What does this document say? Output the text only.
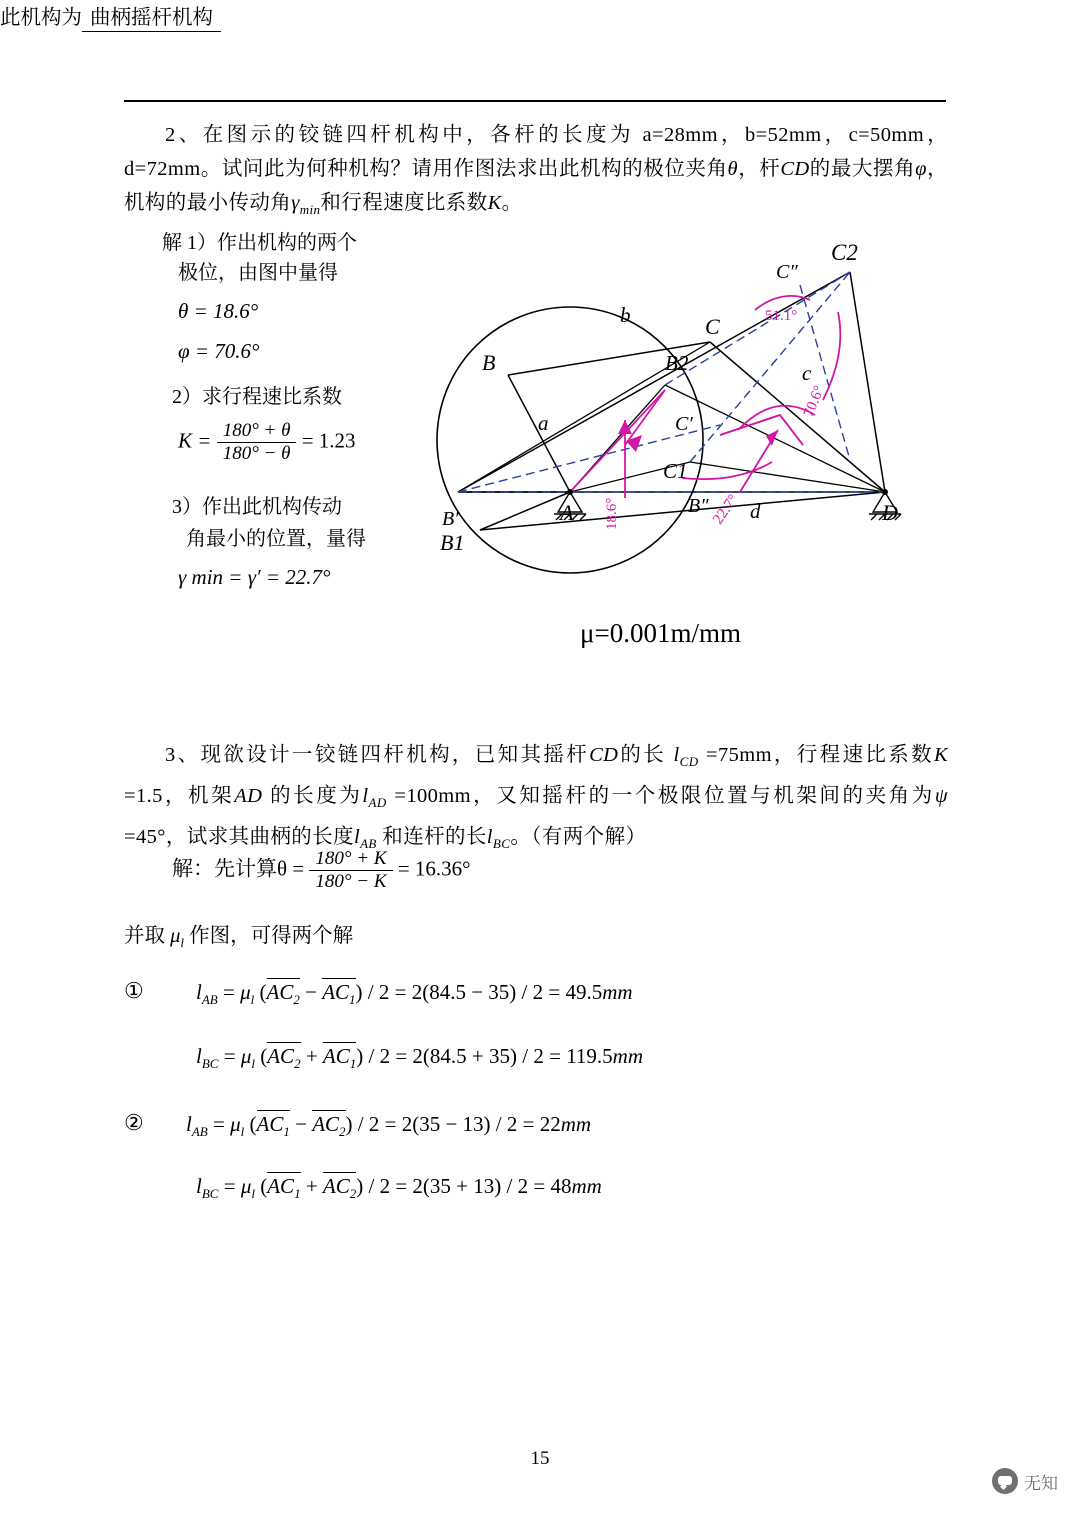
2、在图示的铰链四杆机构中，各杆的长度为 a=28mm，b=52mm，c=50mm，d=72mm。试问此为何种机构？请用作图法求出此机构的极位夹角θ，杆CD的最大摆角φ，机构的最小传动角$\gamma_{min}$和行程速度比系数K。
解 1）作出机构的两个
极位，由图中量得
θ = 18.6°
φ = 70.6°
2）求行程速比系数
$K = \frac{180^\circ + \theta}{180^\circ - \theta} = 1.23$
3）作出此机构传动
角最小的位置，量得
γ min = γ′ = 22.7°
此机构为 曲柄摇杆机构
B
B′
B1
B2
B″
A
C
C1
C2
C′
C″
D
a
b
c
d
18.6°	22.7°
70.6°
51.1°
μ=0.001m/mm
3、现欲设计一铰链四杆机构，已知其摇杆CD的长 $l_{CD} =75mm$，行程速比系数K =1.5，机架AD 的长度为$l_{AD} =100mm$，又知摇杆的一个极限位置与机架间的夹角为ψ =45°，试求其曲柄的长度$l_{AB}$ 和连杆的长$l_{BC}$。（有两个解）
解：先计算$\theta = \frac{180^\circ + K}{180^\circ - K} = 16.36^\circ$
并取 $\mu_l$ 作图，可得两个解
① $l_{AB} = \mu_l$ $(AC_2 - AC_1) / 2 = 2(84.5 - 35) / 2 = 49.5mm$
$l_{BC} = \mu_l$ $(AC_2 + AC_1) / 2 = 2(84.5 + 35) / 2 = 119.5mm$
② $l_{AB} = \mu_l$ $(AC_1 - AC_2) / 2 = 2(35 - 13) / 2 = 22mm$
$l_{BC} = \mu_l$ $(AC_1 + AC_2) / 2 = 2(35 + 13) / 2 = 48mm$
15
无知
